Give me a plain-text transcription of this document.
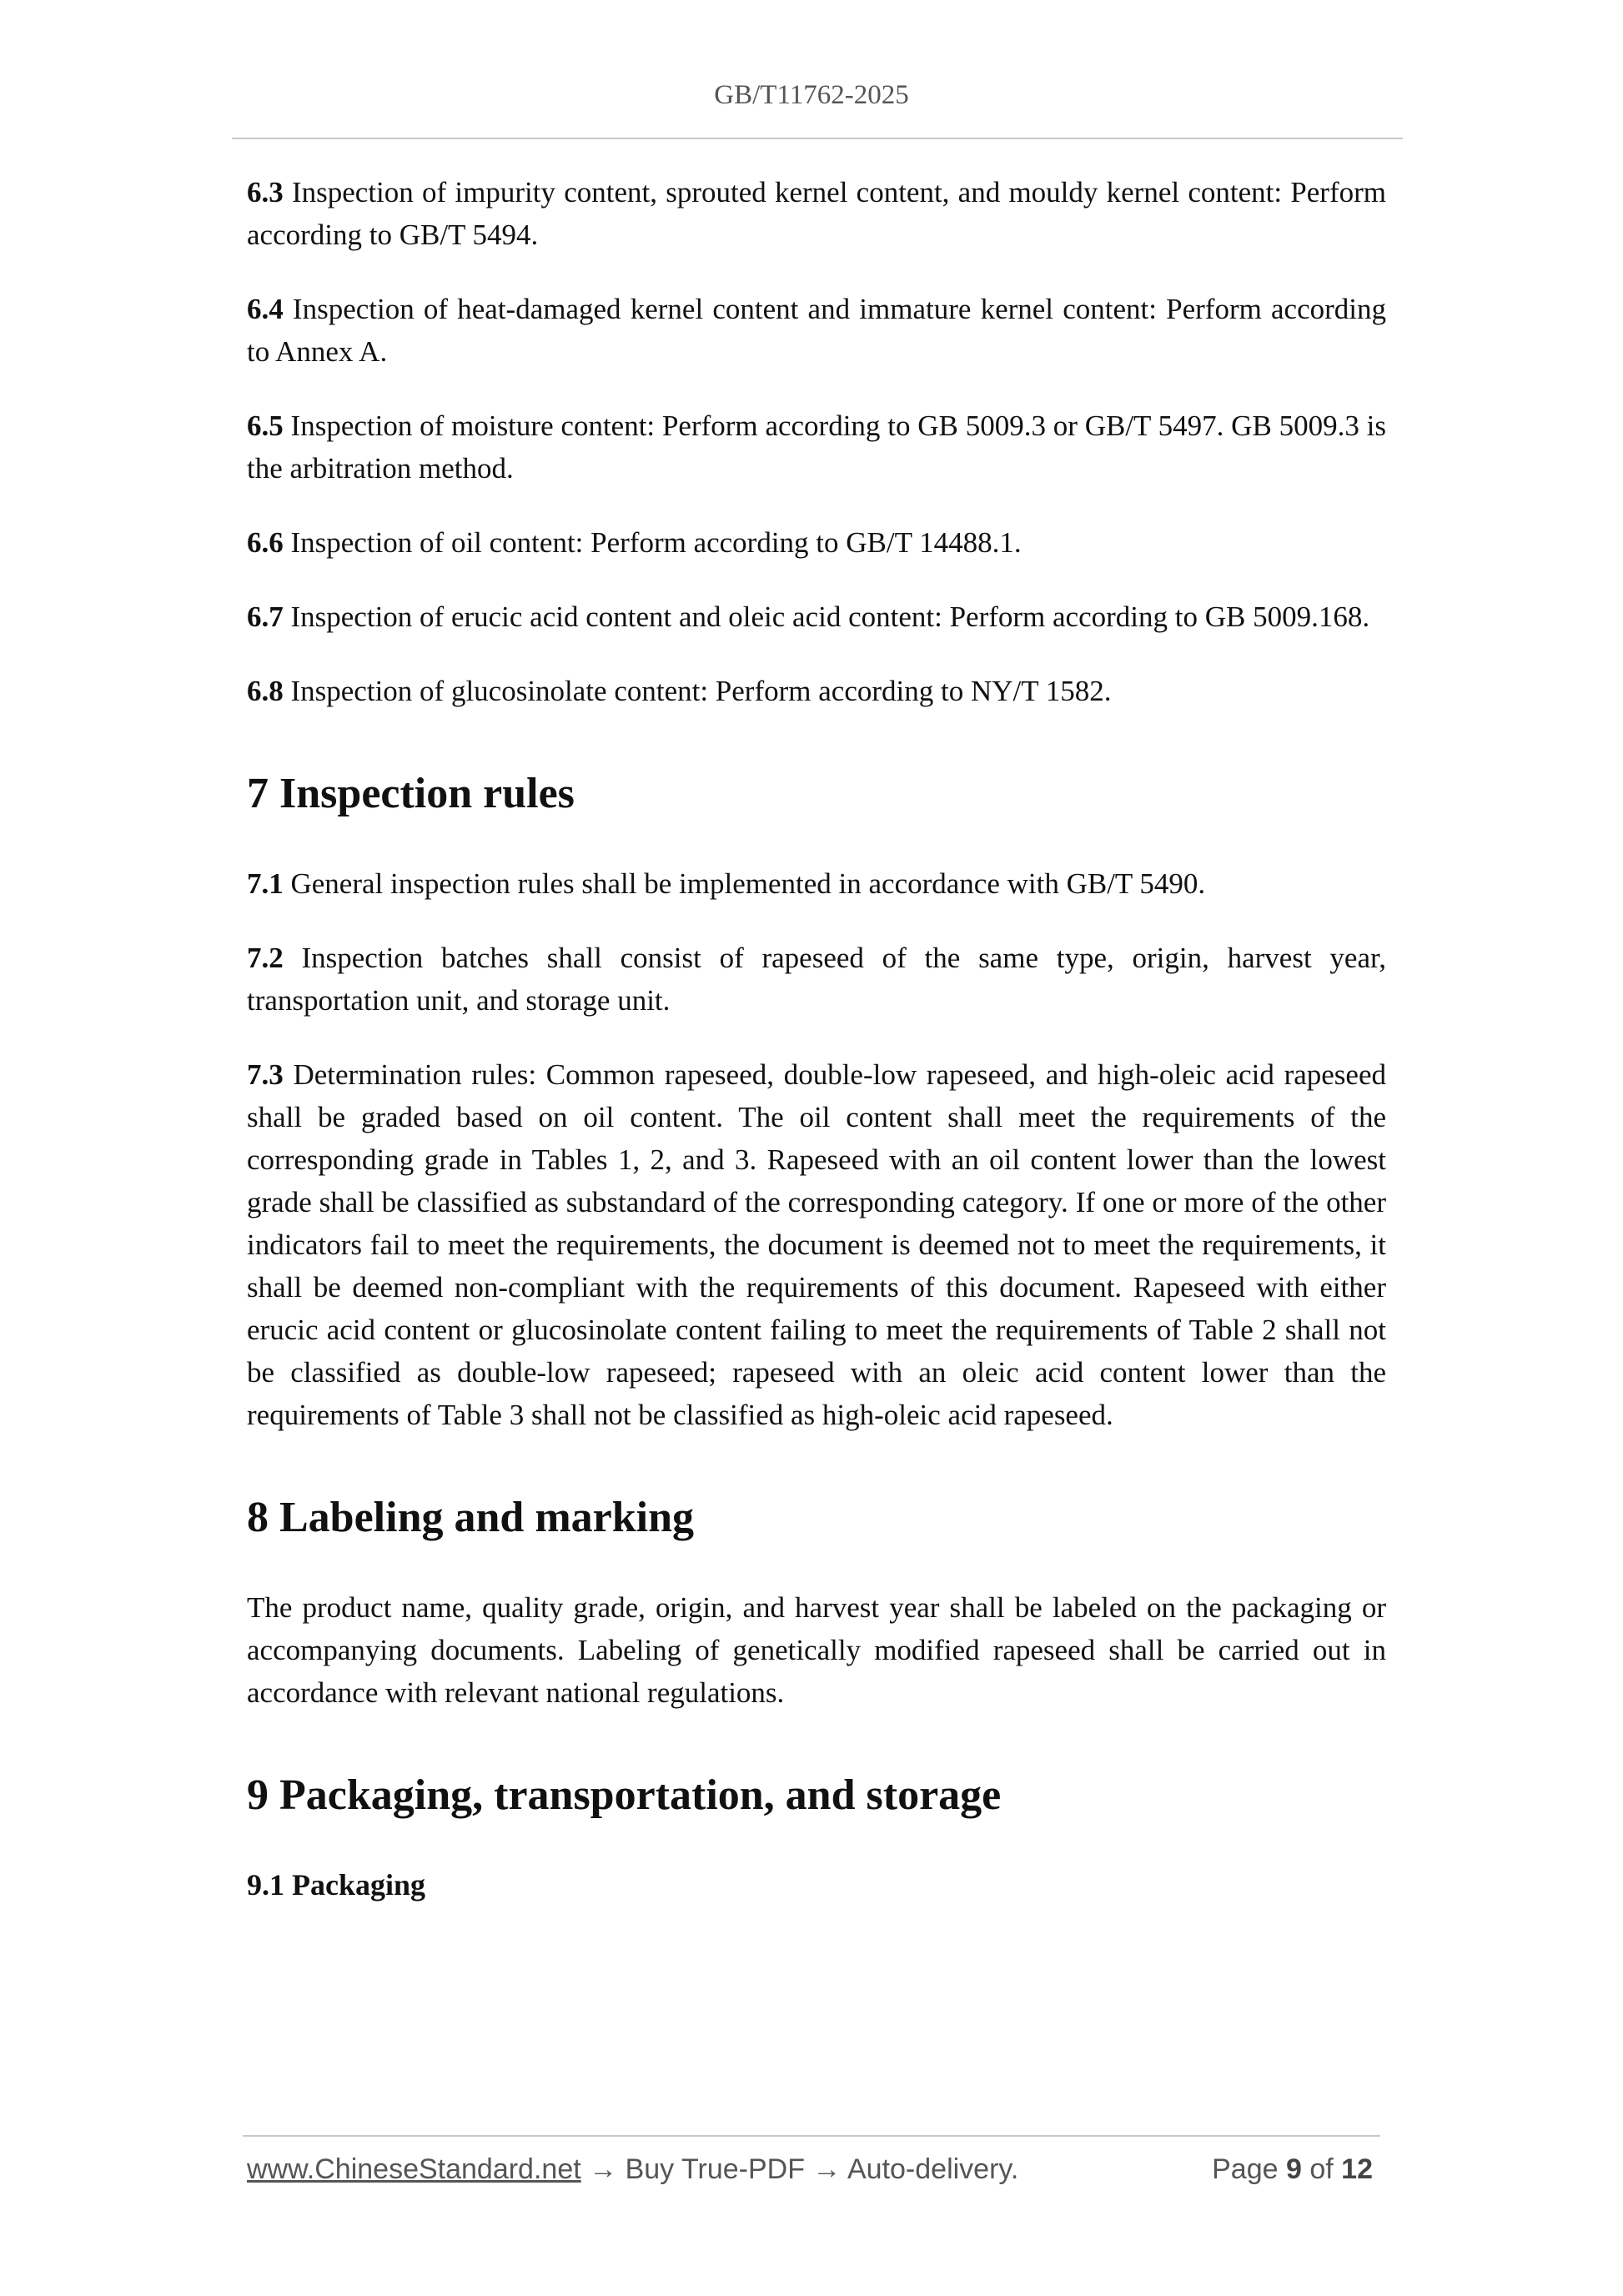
GB/T11762-2025

6.3 Inspection of impurity content, sprouted kernel content, and mouldy kernel content: Perform according to GB/T 5494.

6.4 Inspection of heat-damaged kernel content and immature kernel content: Perform according to Annex A.

6.5 Inspection of moisture content: Perform according to GB 5009.3 or GB/T 5497. GB 5009.3 is the arbitration method.

6.6 Inspection of oil content: Perform according to GB/T 14488.1.

6.7 Inspection of erucic acid content and oleic acid content: Perform according to GB 5009.168.

6.8 Inspection of glucosinolate content: Perform according to NY/T 1582.

7 Inspection rules

7.1 General inspection rules shall be implemented in accordance with GB/T 5490.

7.2 Inspection batches shall consist of rapeseed of the same type, origin, harvest year, transportation unit, and storage unit.

7.3 Determination rules: Common rapeseed, double-low rapeseed, and high-oleic acid rapeseed shall be graded based on oil content. The oil content shall meet the requirements of the corresponding grade in Tables 1, 2, and 3. Rapeseed with an oil content lower than the lowest grade shall be classified as substandard of the corresponding category. If one or more of the other indicators fail to meet the requirements, the document is deemed not to meet the requirements, it shall be deemed non-compliant with the requirements of this document. Rapeseed with either erucic acid content or glucosinolate content failing to meet the requirements of Table 2 shall not be classified as double-low rapeseed; rapeseed with an oleic acid content lower than the requirements of Table 3 shall not be classified as high-oleic acid rapeseed.

8 Labeling and marking

The product name, quality grade, origin, and harvest year shall be labeled on the packaging or accompanying documents. Labeling of genetically modified rapeseed shall be carried out in accordance with relevant national regulations.

9 Packaging, transportation, and storage
9.1 Packaging
www.ChineseStandard.net → Buy True-PDF → Auto-delivery.	Page 9 of 12
